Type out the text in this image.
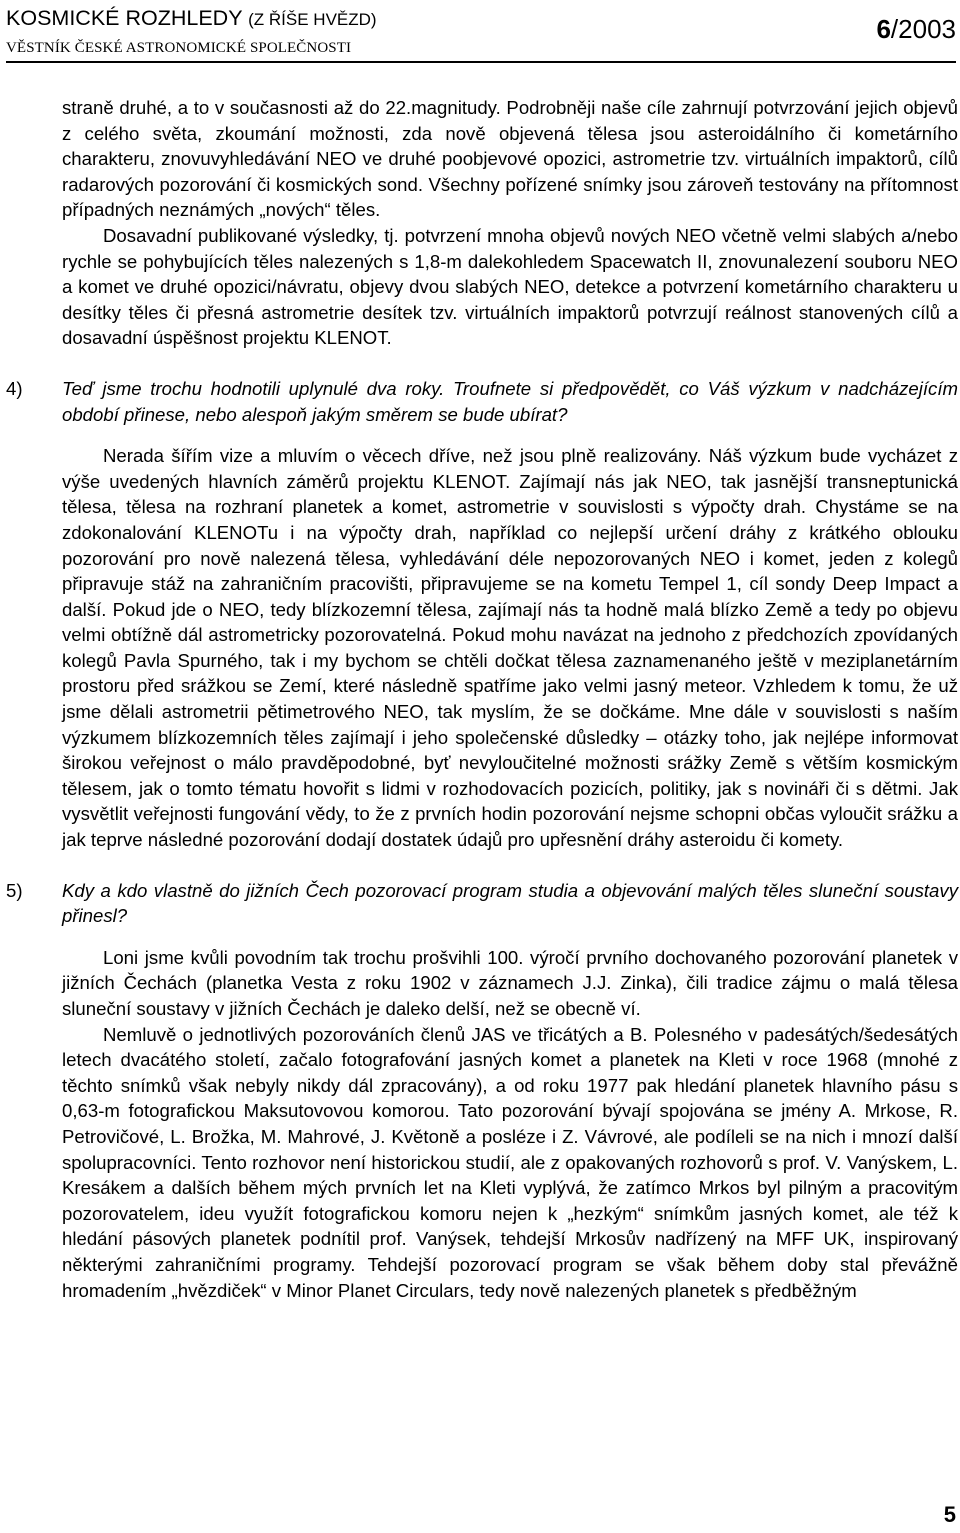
KOSMICKÉ ROZHLEDY (Z ŘÍŠE HVĚZD)
VĚSTNÍK ČESKÉ ASTRONOMICKÉ SPOLEČNOSTI
6/2003

straně druhé, a to v současnosti až do 22.magnitudy. Podrobněji naše cíle zahrnují potvrzování jejich objevů z celého světa, zkoumání možnosti, zda nově objevená tělesa jsou asteroidálního či kometárního charakteru, znovuvyhledávání NEO ve druhé poobjevové opozici, astrometrie tzv. virtuálních impaktorů, cílů radarových pozorování či kosmických sond. Všechny pořízené snímky jsou zároveň testovány na přítomnost případných neznámých „nových“ těles.

Dosavadní publikované výsledky, tj. potvrzení mnoha objevů nových NEO včetně velmi slabých a/nebo rychle se pohybujících těles nalezených s 1,8-m dalekohledem Spacewatch II, znovunalezení souboru NEO a komet ve druhé opozici/návratu, objevy dvou slabých NEO, detekce a potvrzení kometárního charakteru u desítky těles či přesná astrometrie desítek tzv. virtuálních impaktorů potvrzují reálnost stanovených cílů a dosavadní úspěšnost projektu KLENOT.

4) Teď jsme trochu hodnotili uplynulé dva roky. Troufnete si předpovědět, co Váš výzkum v nadcházejícím období přinese, nebo alespoň jakým směrem se bude ubírat?

Nerada šířím vize a mluvím o věcech dříve, než jsou plně realizovány. Náš výzkum bude vycházet z výše uvedených hlavních záměrů projektu KLENOT. Zajímají nás jak NEO, tak jasnější transneptunická tělesa, tělesa na rozhraní planetek a komet, astrometrie v souvislosti s výpočty drah. Chystáme se na zdokonalování KLENOTu i na výpočty drah, například co nejlepší určení dráhy z krátkého oblouku pozorování pro nově nalezená tělesa, vyhledávání déle nepozorovaných NEO i komet, jeden z kolegů připravuje stáž na zahraničním pracovišti, připravujeme se na kometu Tempel 1, cíl sondy Deep Impact a další. Pokud jde o NEO, tedy blízkozemní tělesa, zajímají nás ta hodně malá blízko Země a tedy po objevu velmi obtížně dál astrometricky pozorovatelná. Pokud mohu navázat na jednoho z předchozích zpovídaných kolegů Pavla Spurného, tak i my bychom se chtěli dočkat tělesa zaznamenaného ještě v meziplanetárním prostoru před srážkou se Zemí, které následně spatříme jako velmi jasný meteor. Vzhledem k tomu, že už jsme dělali astrometrii pětimetrového NEO, tak myslím, že se dočkáme. Mne dále v souvislosti s naším výzkumem blízkozemních těles zajímají i jeho společenské důsledky – otázky toho, jak nejlépe informovat širokou veřejnost o málo pravděpodobné, byť nevyloučitelné možnosti srážky Země s větším kosmickým tělesem, jak o tomto tématu hovořit s lidmi v rozhodovacích pozicích, politiky, jak s novináři či s dětmi. Jak vysvětlit veřejnosti fungování vědy, to že z prvních hodin pozorování nejsme schopni občas vyloučit srážku a jak teprve následné pozorování dodají dostatek údajů pro upřesnění dráhy asteroidu či komety.

5) Kdy a kdo vlastně do jižních Čech pozorovací program studia a objevování malých těles sluneční soustavy přinesl?

Loni jsme kvůli povodním tak trochu prošvihli 100. výročí prvního dochovaného pozorování planetek v jižních Čechách (planetka Vesta z roku 1902 v záznamech J.J. Zinka), čili tradice zájmu o malá tělesa sluneční soustavy v jižních Čechách je daleko delší, než se obecně ví.

Nemluvě o jednotlivých pozorováních členů JAS ve třicátých a B. Polesného v padesátých/šedesátých letech dvacátého století, začalo fotografování jasných komet a planetek na Kleti v roce 1968 (mnohé z těchto snímků však nebyly nikdy dál zpracovány), a od roku 1977 pak hledání planetek hlavního pásu s 0,63-m fotografickou Maksutovovou komorou. Tato pozorování bývají spojována se jmény A. Mrkose, R. Petrovičové, L. Brožka, M. Mahrové, J. Květoně a posléze i Z. Vávrové, ale podíleli se na nich i mnozí další spolupracovníci. Tento rozhovor není historickou studií, ale z opakovaných rozhovorů s prof. V. Vanýskem, L. Kresákem a dalších během mých prvních let na Kleti vyplývá, že zatímco Mrkos byl pilným a pracovitým pozorovatelem, ideu využít fotografickou komoru nejen k „hezkým“ snímkům jasných komet, ale též k hledání pásových planetek podnítil prof. Vanýsek, tehdejší Mrkosův nadřízený na MFF UK, inspirovaný některými zahraničními programy. Tehdejší pozorovací program se však během doby stal převážně hromadením „hvězdiček“ v Minor Planet Circulars, tedy nově nalezených planetek s předběžným

5
